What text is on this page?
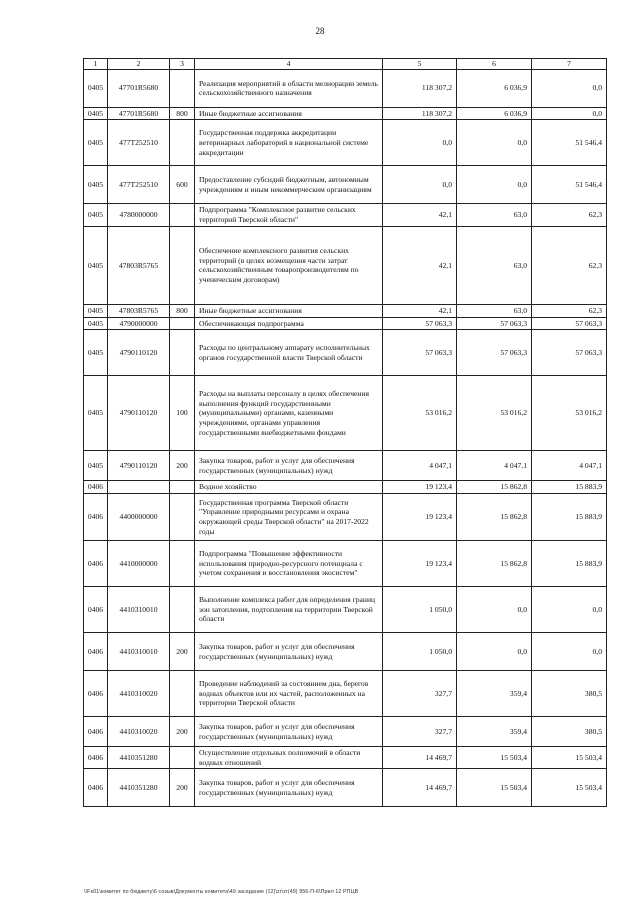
28
1	2	3	4	5	6	7
0405	47701R5680		Реализация мероприятий в области мелиорации земель сельскохозяйственного назначения	118 307,2	6 036,9	0,0
0405	47701R5680	800	Иные бюджетные ассигнования	118 307,2	6 036,9	0,0
0405	477Т252510		Государственная поддержка аккредитации ветеринарных лабораторий в национальной системе аккредитации	0,0	0,0	51 546,4
0405	477Т252510	600	Предоставление субсидий бюджетным, автономным учреждениям и иным некоммерческим организациям	0,0	0,0	51 546,4
0405	4780000000		Подпрограмма "Комплексное развитие сельских территорий Тверской области"	42,1	63,0	62,3
0405	47803R5765		Обеспечение комплексного развития сельских территорий (в целях возмещения части затрат сельскохозяйственным товаропроизводителям по ученическим договорам)	42,1	63,0	62,3
0405	47803R5765	800	Иные бюджетные ассигнования	42,1	63,0	62,3
0405	4790000000		Обеспечивающая подпрограмма	57 063,3	57 063,3	57 063,3
0405	4790110120		Расходы по центральному аппарату исполнительных органов государственной власти Тверской области	57 063,3	57 063,3	57 063,3
0405	4790110120	100	Расходы на выплаты персоналу в целях обеспечения выполнения функций государственными (муниципальными) органами, казенными учреждениями, органами управления государственными внебюджетными фондами	53 016,2	53 016,2	53 016,2
0405	4790110120	200	Закупка товаров, работ и услуг для обеспечения государственных (муниципальных) нужд	4 047,1	4 047,1	4 047,1
0406			Водное хозяйство	19 123,4	15 862,8	15 883,9
0406	4400000000		Государственная программа Тверской области "Управление природными ресурсами и охрана окружающей среды Тверской области" на 2017-2022 годы	19 123,4	15 862,8	15 883,9
0406	4410000000		Подпрограмма "Повышение эффективности использования природно-ресурсного потенциала с учетом сохранения и восстановления экосистем"	19 123,4	15 862,8	15 883,9
0406	4410310010		Выполнение комплекса работ для определения границ зон затопления, подтопления на территории Тверской области	1 050,0	0,0	0,0
0406	4410310010	200	Закупка товаров, работ и услуг для обеспечения государственных (муниципальных) нужд	1 050,0	0,0	0,0
0406	4410310020		Проведение наблюдений за состоянием дна, берегов водных объектов или их частей, расположенных на территории Тверской области	327,7	359,4	380,5
0406	4410310020	200	Закупка товаров, работ и услуг для обеспечения государственных (муниципальных) нужд	327,7	359,4	380,5
0406	4410351280		Осуществление отдельных полномочий в области водных отношений	14 469,7	15 503,4	15 503,4
0406	4410351280	200	Закупка товаров, работ и услуг для обеспечения государственных (муниципальных) нужд	14 469,7	15 503,4	15 503,4
\\Fs01\комитет по бюджету\6 созыв\Документы комитета\49 заседание (12)\zr\zr(49) 956-П-6\Прил 12 РПЦВ
